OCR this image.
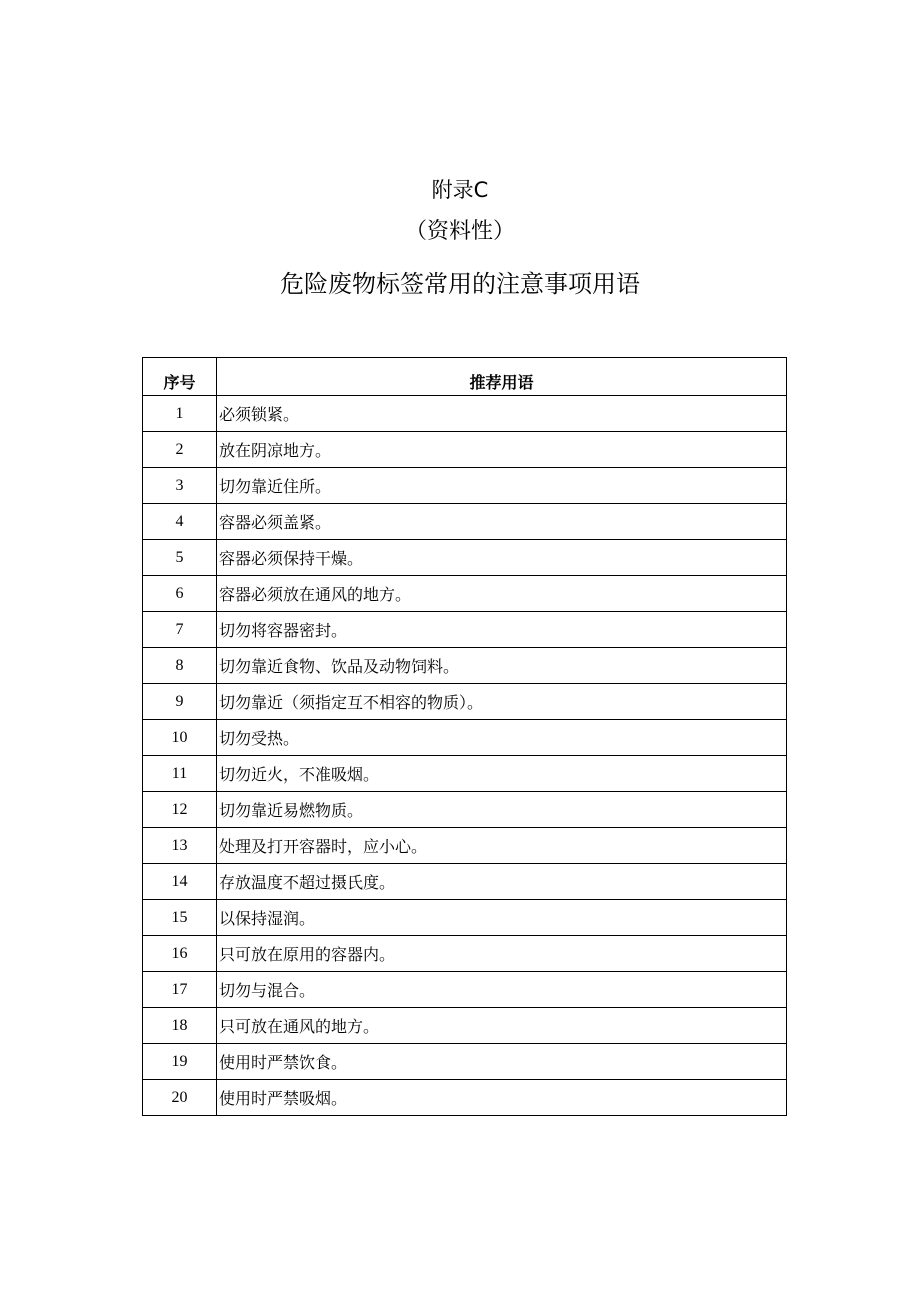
附录C
（资料性）
危险废物标签常用的注意事项用语
序号	推荐用语
1	必须锁紧。
2	放在阴凉地方。
3	切勿靠近住所。
4	容器必须盖紧。
5	容器必须保持干燥。
6	容器必须放在通风的地方。
7	切勿将容器密封。
8	切勿靠近食物、饮品及动物饲料。
9	切勿靠近（须指定互不相容的物质）。
10	切勿受热。
11	切勿近火，不准吸烟。
12	切勿靠近易燃物质。
13	处理及打开容器时，应小心。
14	存放温度不超过摄氏度。
15	以保持湿润。
16	只可放在原用的容器内。
17	切勿与混合。
18	只可放在通风的地方。
19	使用时严禁饮食。
20	使用时严禁吸烟。
